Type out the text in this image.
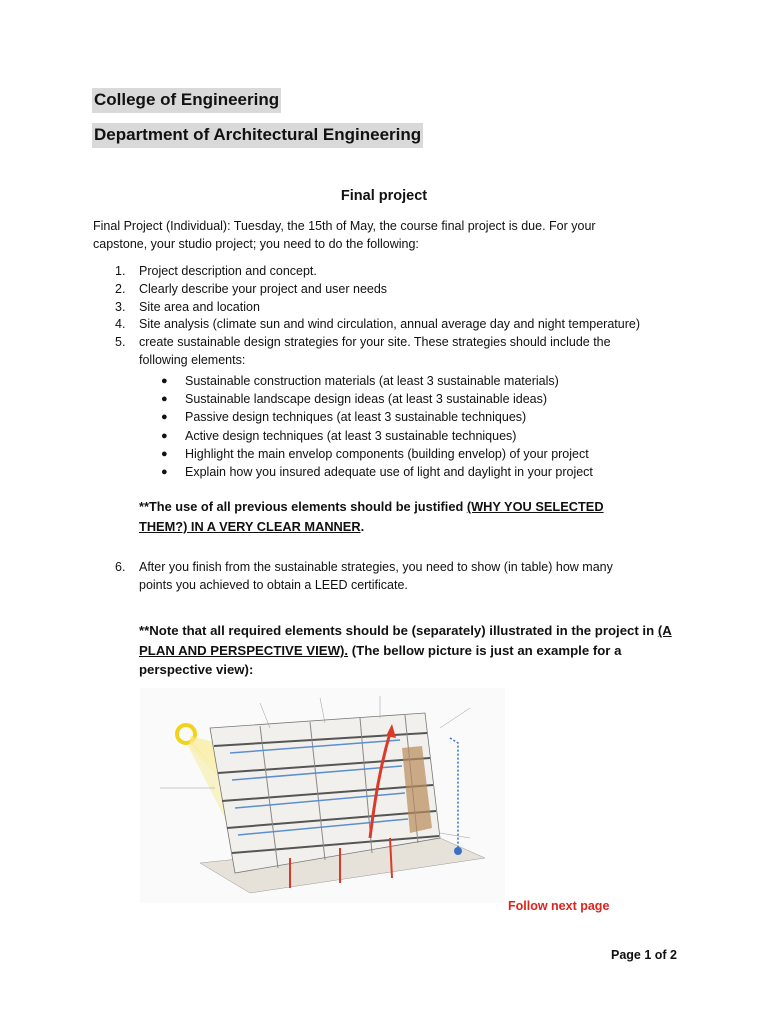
College of Engineering
Department of Architectural Engineering
Final project
Final Project (Individual): Tuesday, the 15th of May, the course final project is due. For your capstone, your studio project; you need to do the following:
1.	Project description and concept.
2.	Clearly describe your project and user needs
3.	Site area and location
4.	Site analysis (climate sun and wind circulation, annual average day and night temperature)
5.	create sustainable design strategies for your site. These strategies should include the following elements:
● Sustainable construction materials (at least 3 sustainable materials)
● Sustainable landscape design ideas (at least 3 sustainable ideas)
● Passive design techniques (at least 3 sustainable techniques)
● Active design techniques (at least 3 sustainable techniques)
● Highlight the main envelop components (building envelop) of your project
● Explain how you insured adequate use of light and daylight in your project
**The use of all previous elements should be justified (WHY YOU SELECTED THEM?) IN A VERY CLEAR MANNER.
6. After you finish from the sustainable strategies, you need to show (in table) how many points you achieved to obtain a LEED certificate.
**Note that all required elements should be (separately) illustrated in the project in (A PLAN AND PERSPECTIVE VIEW). (The bellow picture is just an example for a perspective view):
Follow next page
Page 1 of 2
